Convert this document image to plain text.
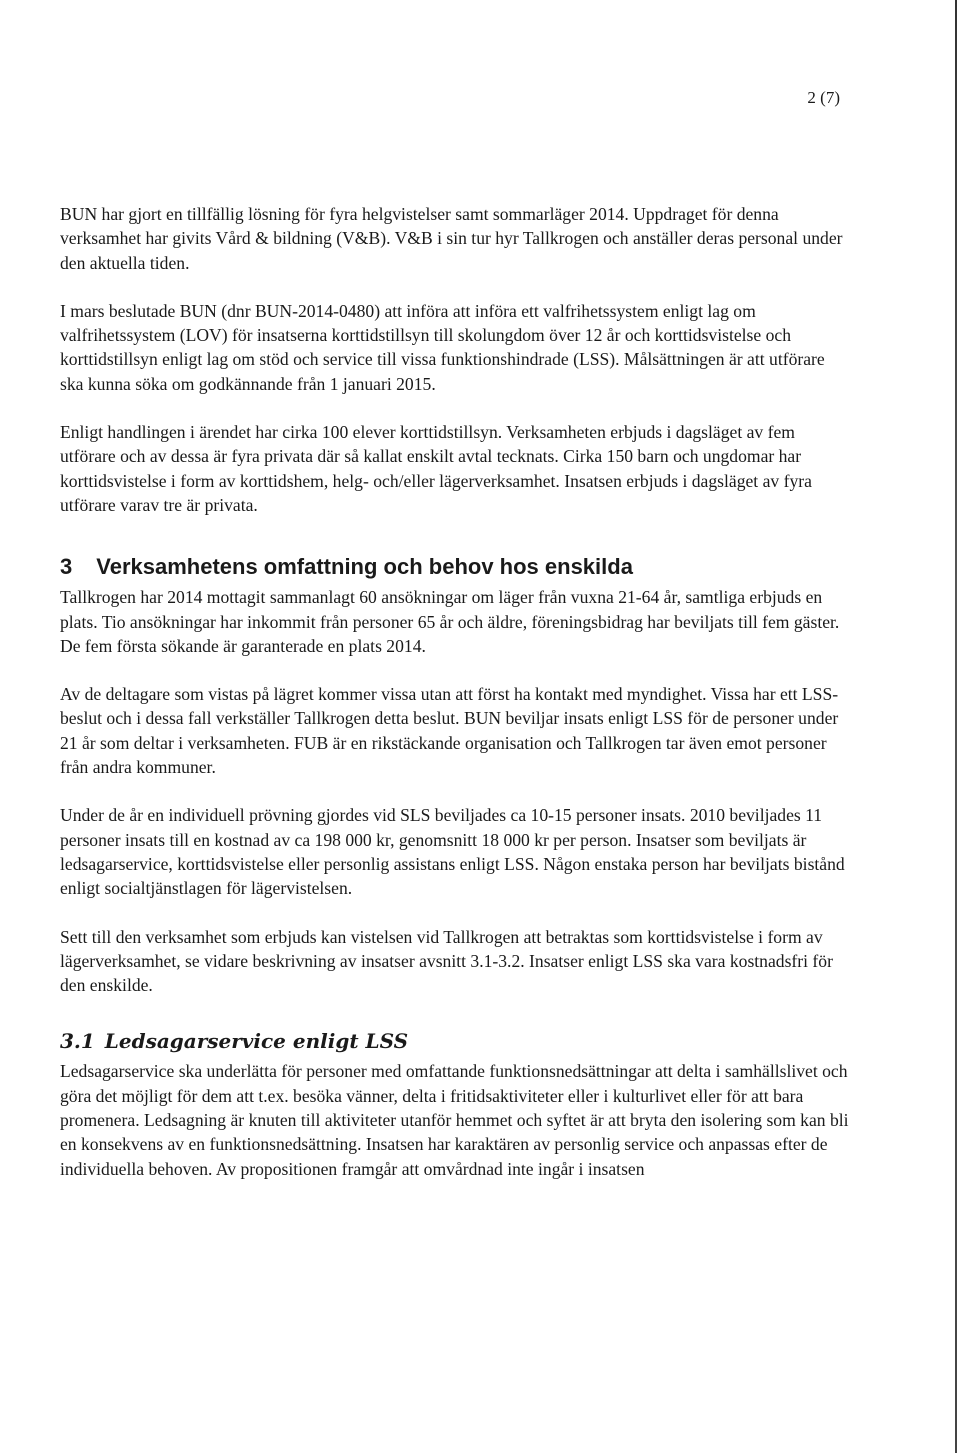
2 (7)

BUN har gjort en tillfällig lösning för fyra helgvistelser samt sommarläger 2014. Uppdraget för denna verksamhet har givits Vård & bildning (V&B). V&B i sin tur hyr Tallkrogen och anställer deras personal under den aktuella tiden.

I mars beslutade BUN (dnr BUN-2014-0480) att införa att införa ett valfrihetssystem enligt lag om valfrihetssystem (LOV) för insatserna korttidstillsyn till skolungdom över 12 år och korttidsvistelse och korttidstillsyn enligt lag om stöd och service till vissa funktionshindrade (LSS). Målsättningen är att utförare ska kunna söka om godkännande från 1 januari 2015.

Enligt handlingen i ärendet har cirka 100 elever korttidstillsyn. Verksamheten erbjuds i dagsläget av fem utförare och av dessa är fyra privata där så kallat enskilt avtal tecknats. Cirka 150 barn och ungdomar har korttidsvistelse i form av korttidshem, helg- och/eller lägerverksamhet. Insatsen erbjuds i dagsläget av fyra utförare varav tre är privata.

3 Verksamhetens omfattning och behov hos enskilda

Tallkrogen har 2014 mottagit sammanlagt 60 ansökningar om läger från vuxna 21-64 år, samtliga erbjuds en plats. Tio ansökningar har inkommit från personer 65 år och äldre, föreningsbidrag har beviljats till fem gäster. De fem första sökande är garanterade en plats 2014.

Av de deltagare som vistas på lägret kommer vissa utan att först ha kontakt med myndighet. Vissa har ett LSS-beslut och i dessa fall verkställer Tallkrogen detta beslut. BUN beviljar insats enligt LSS för de personer under 21 år som deltar i verksamheten. FUB är en rikstäckande organisation och Tallkrogen tar även emot personer från andra kommuner.

Under de år en individuell prövning gjordes vid SLS beviljades ca 10-15 personer insats. 2010 beviljades 11 personer insats till en kostnad av ca 198 000 kr, genomsnitt 18 000 kr per person. Insatser som beviljats är ledsagarservice, korttidsvistelse eller personlig assistans enligt LSS. Någon enstaka person har beviljats bistånd enligt socialtjänstlagen för lägervistelsen.

Sett till den verksamhet som erbjuds kan vistelsen vid Tallkrogen att betraktas som korttidsvistelse i form av lägerverksamhet, se vidare beskrivning av insatser avsnitt 3.1-3.2. Insatser enligt LSS ska vara kostnadsfri för den enskilde.

3.1 Ledsagarservice enligt LSS

Ledsagarservice ska underlätta för personer med omfattande funktionsnedsättningar att delta i samhällslivet och göra det möjligt för dem att t.ex. besöka vänner, delta i fritidsaktiviteter eller i kulturlivet eller för att bara promenera. Ledsagning är knuten till aktiviteter utanför hemmet och syftet är att bryta den isolering som kan bli en konsekvens av en funktionsnedsättning. Insatsen har karaktären av personlig service och anpassas efter de individuella behoven. Av propositionen framgår att omvårdnad inte ingår i insatsen
